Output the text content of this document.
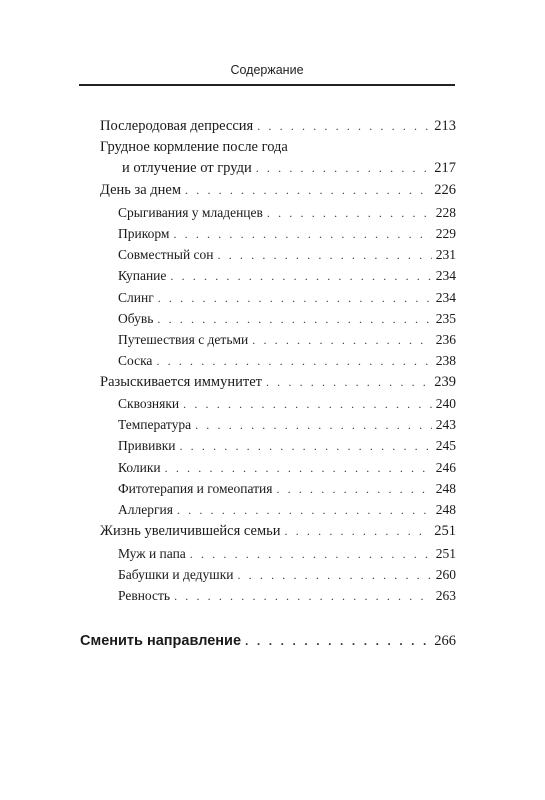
Содержание
Послеродовая депрессия . . .	213
Грудное кормление после года
и отлучение от груди . . .	217
День за днем . . .	226
Срыгивания у младенцев . . .	228
Прикорм . . .	229
Совместный сон . . .	231
Купание . . .	234
Слинг . . .	234
Обувь . . .	235
Путешествия с детьми . . .	236
Соска . . .	238
Разыскивается иммунитет . . .	239
Сквозняки . . .	240
Температура . . .	243
Прививки . . .	245
Колики . . .	246
Фитотерапия и гомеопатия . . .	248
Аллергия . . .	248
Жизнь увеличившейся семьи . . .	251
Муж и папа . . .	251
Бабушки и дедушки . . .	260
Ревность . . .	263
Сменить направление . . .	266
